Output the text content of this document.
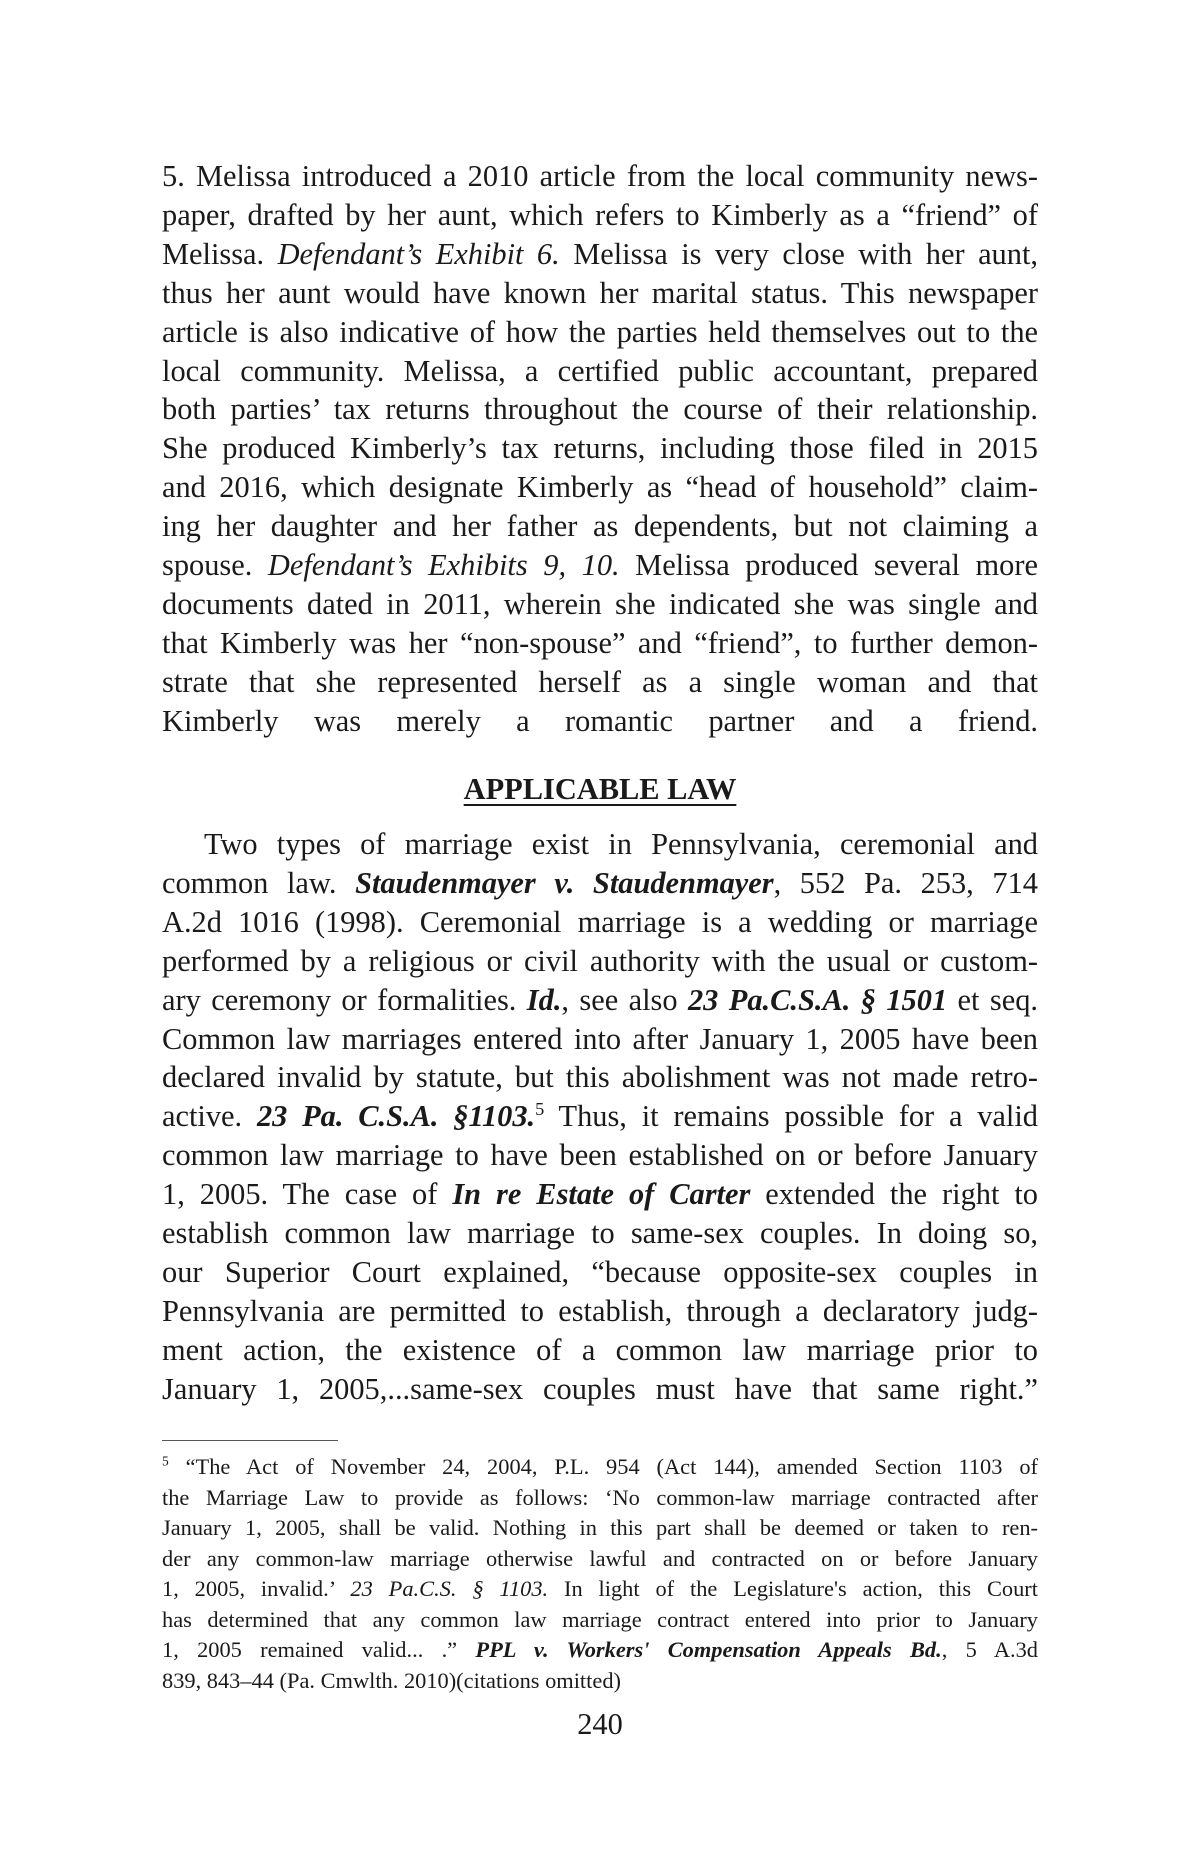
5. Melissa introduced a 2010 article from the local community news-
paper, drafted by her aunt, which refers to Kimberly as a “friend” of
Melissa. Defendant’s Exhibit 6. Melissa is very close with her aunt,
thus her aunt would have known her marital status. This newspaper
article is also indicative of how the parties held themselves out to the
local community. Melissa, a certified public accountant, prepared
both parties’ tax returns throughout the course of their relationship.
She produced Kimberly’s tax returns, including those filed in 2015
and 2016, which designate Kimberly as “head of household” claim-
ing her daughter and her father as dependents, but not claiming a
spouse. Defendant’s Exhibits 9, 10. Melissa produced several more
documents dated in 2011, wherein she indicated she was single and
that Kimberly was her “non-spouse” and “friend”, to further demon-
strate that she represented herself as a single woman and that
Kimberly was merely a romantic partner and a friend.
APPLICABLE LAW
Two types of marriage exist in Pennsylvania, ceremonial and
common law. Staudenmayer v. Staudenmayer, 552 Pa. 253, 714
A.2d 1016 (1998). Ceremonial marriage is a wedding or marriage
performed by a religious or civil authority with the usual or custom-
ary ceremony or formalities. Id., see also 23 Pa.C.S.A. § 1501 et seq.
Common law marriages entered into after January 1, 2005 have been
declared invalid by statute, but this abolishment was not made retro-
active. 23 Pa. C.S.A. §1103.$^5$ Thus, it remains possible for a valid
common law marriage to have been established on or before January
1, 2005. The case of In re Estate of Carter extended the right to
establish common law marriage to same-sex couples. In doing so,
our Superior Court explained, “because opposite-sex couples in
Pennsylvania are permitted to establish, through a declaratory judg-
ment action, the existence of a common law marriage prior to
January 1, 2005,...same-sex couples must have that same right.”
$^5$ “The Act of November 24, 2004, P.L. 954 (Act 144), amended Section 1103 of
the Marriage Law to provide as follows: ‘No common-law marriage contracted after
January 1, 2005, shall be valid. Nothing in this part shall be deemed or taken to ren-
der any common-law marriage otherwise lawful and contracted on or before January
1, 2005, invalid.’ 23 Pa.C.S. § 1103. In light of the Legislature's action, this Court
has determined that any common law marriage contract entered into prior to January
1, 2005 remained valid... .” PPL v. Workers' Compensation Appeals Bd., 5 A.3d
839, 843–44 (Pa. Cmwlth. 2010)(citations omitted)
240
